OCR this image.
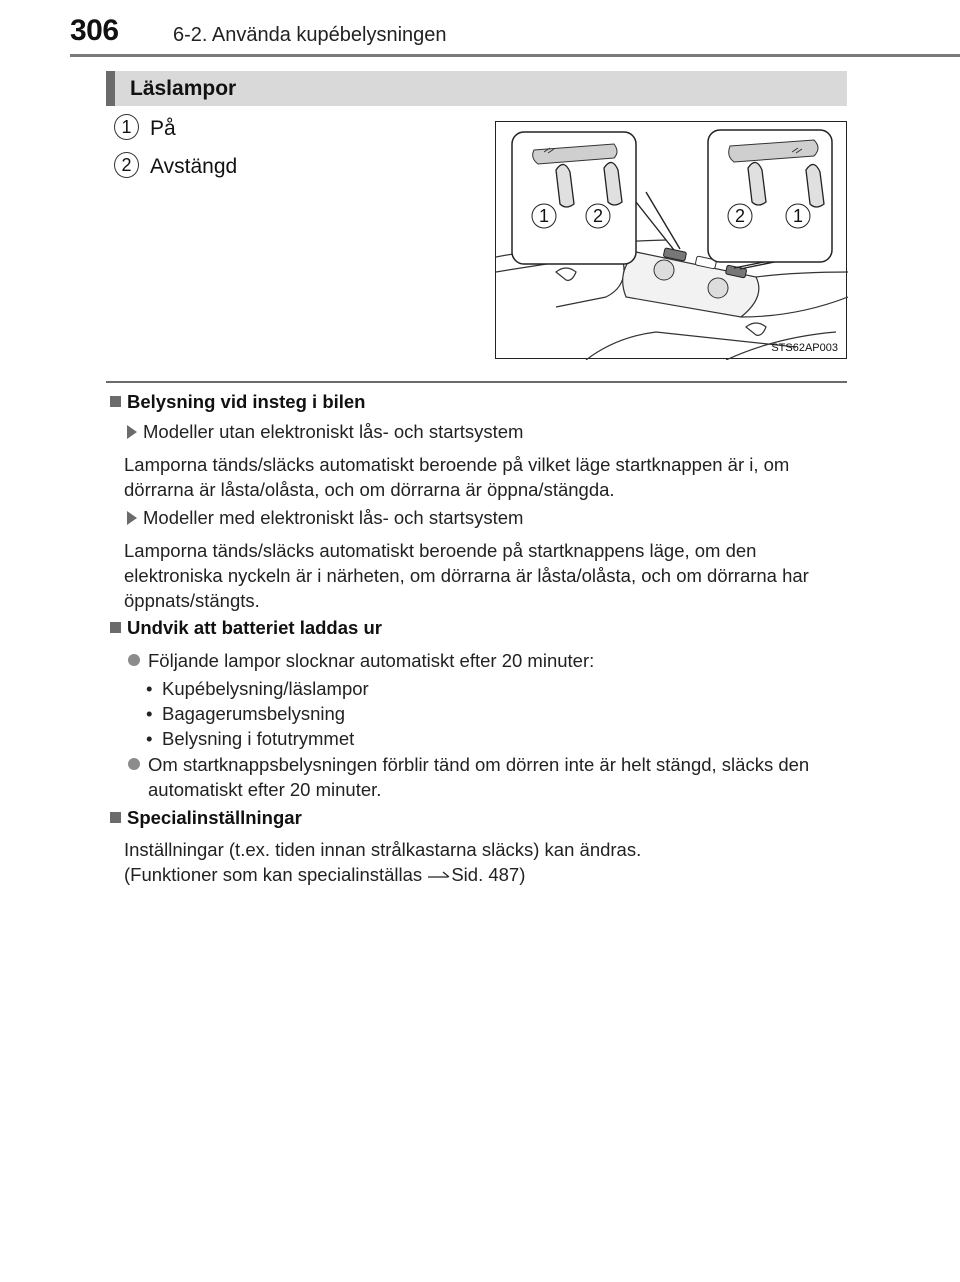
306	6-2. Använda kupébelysningen
Läslampor
1 På
2 Avstängd
1 2	2	1
STS62AP003
Belysning vid insteg i bilen
Modeller utan elektroniskt lås- och startsystem
Lamporna tänds/släcks automatiskt beroende på vilket läge startknappen är i, om dörrarna är låsta/olåsta, och om dörrarna är öppna/stängda.
Modeller med elektroniskt lås- och startsystem
Lamporna tänds/släcks automatiskt beroende på startknappens läge, om den elektroniska nyckeln är i närheten, om dörrarna är låsta/olåsta, och om dörrarna har öppnats/stängts.
Undvik att batteriet laddas ur
Följande lampor slocknar automatiskt efter 20 minuter:
• Kupébelysning/läslampor
• Bagagerumsbelysning
• Belysning i fotutrymmet
Om startknappsbelysningen förblir tänd om dörren inte är helt stängd, släcks den automatiskt efter 20 minuter.
Specialinställningar
Inställningar (t.ex. tiden innan strålkastarna släcks) kan ändras.
(Funktioner som kan specialinställas Sid. 487)
